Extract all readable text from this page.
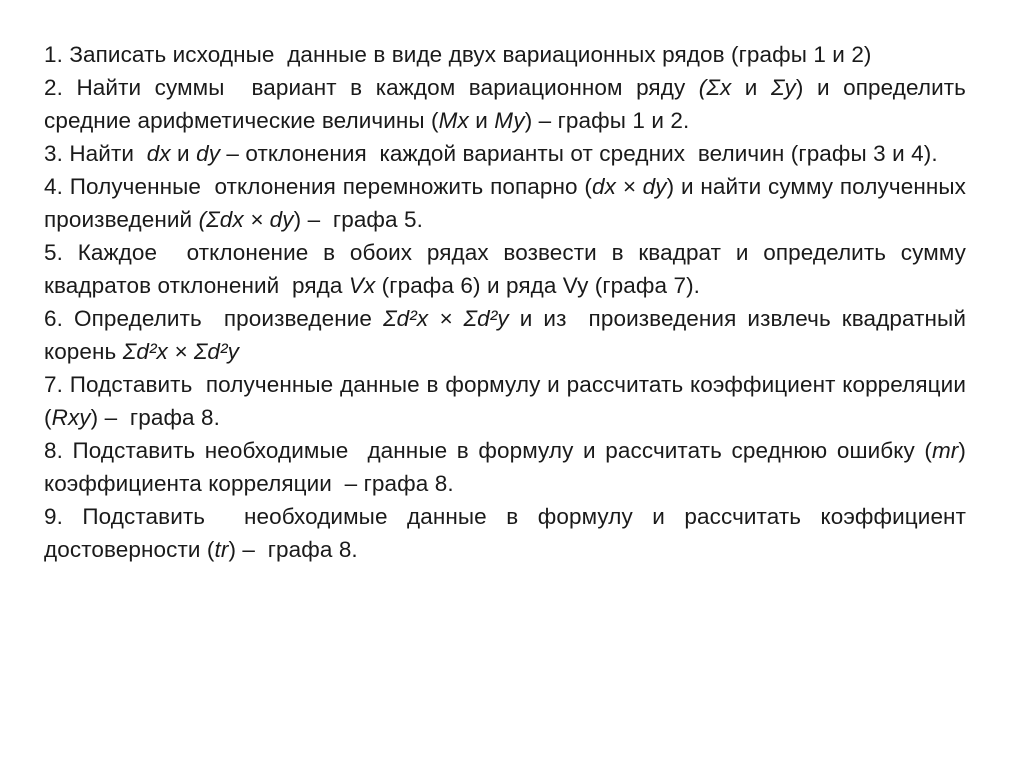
1. Записать исходные  данные в виде двух вариационных рядов (графы 1 и 2)

2. Найти суммы  вариант в каждом вариационном ряду (Σx и Σy) и определить средние арифметические величины (Мх и Му) – графы 1 и 2.

3. Найти  dх и dу – отклонения  каждой варианты от средних  величин (графы 3 и 4).

4. Полученные  отклонения перемножить попарно (dх × dу) и найти сумму полученных произведений (Σdх × dу) –  графа 5.

5. Каждое  отклонение в обоих рядах возвести в квадрат и определить сумму квадратов отклонений  ряда Vх (графа 6) и ряда Vy (графа 7).

6. Определить  произведение Σd²x × Σd²y и из  произведения извлечь квадратный корень Σd²x × Σd²y

7. Подставить  полученные данные в формулу и рассчитать коэффициент корреляции (Rху) –  графа 8.

8. Подставить необходимые  данные в формулу и рассчитать среднюю ошибку (mr) коэффициента корреляции  – графа 8.

9. Подставить  необходимые данные в формулу и рассчитать коэффициент достоверности (tr) –  графа 8.
